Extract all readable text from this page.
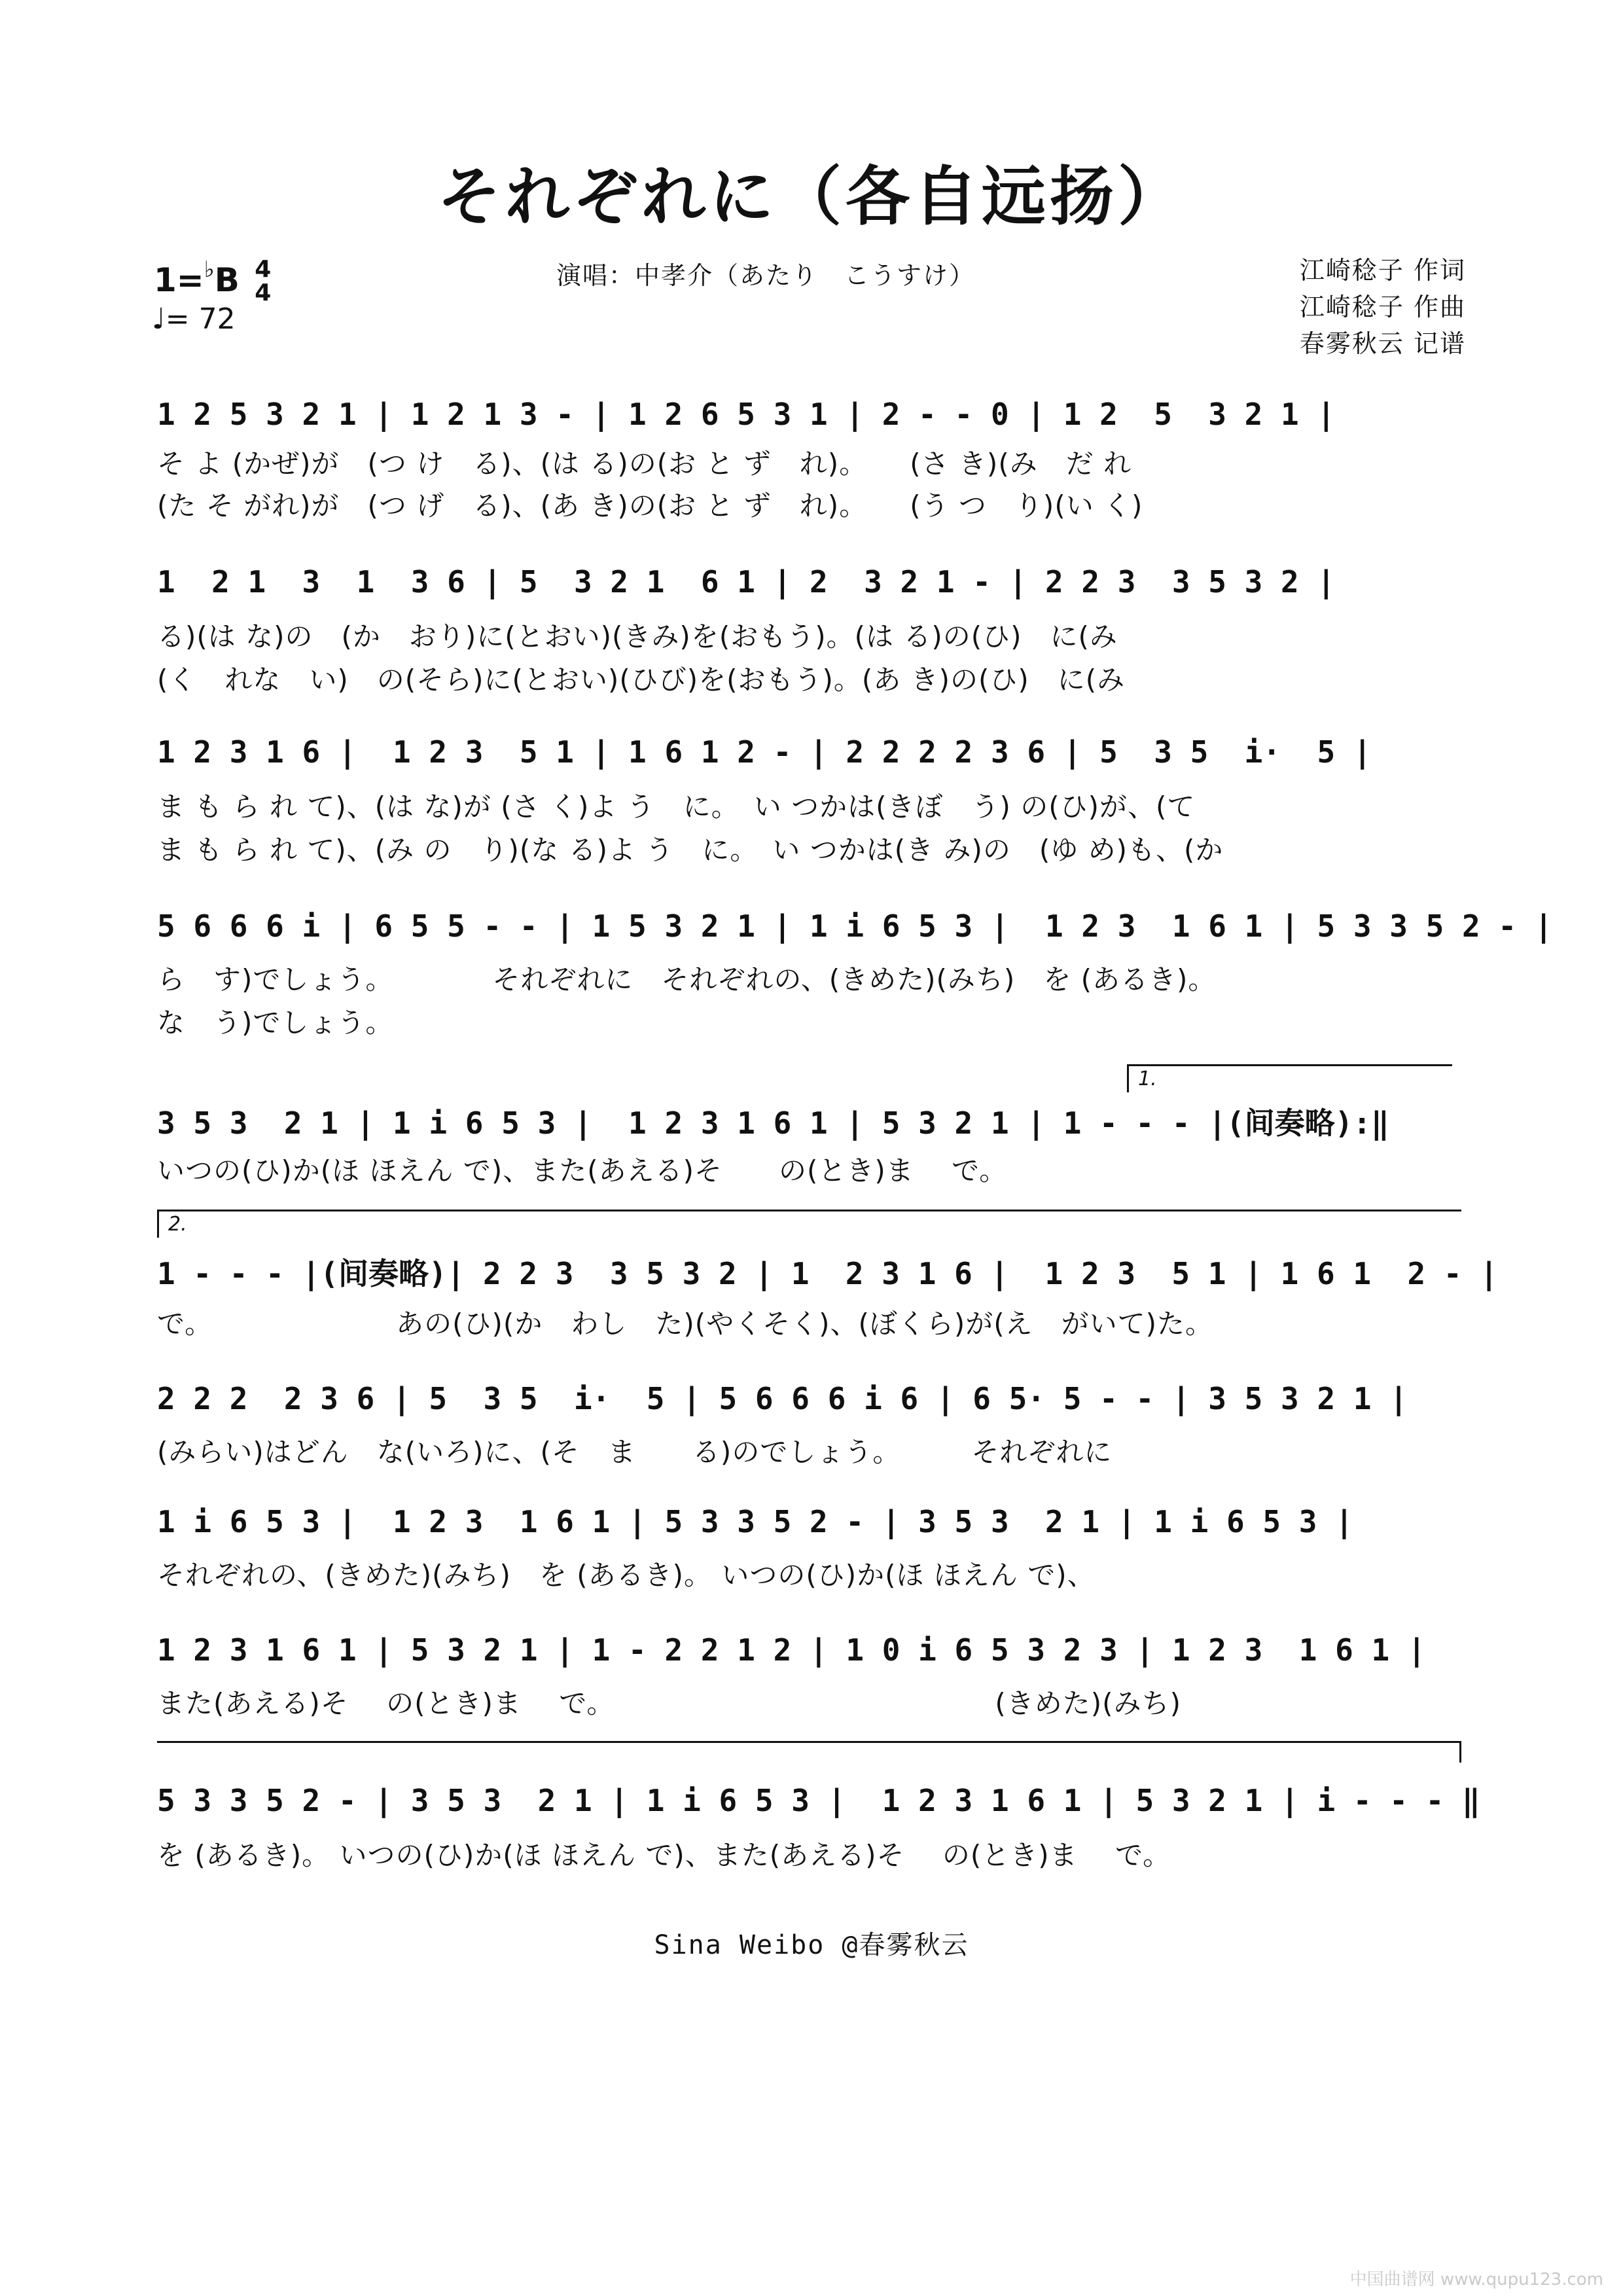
それぞれに（各自远扬）
1=♭B 4
4
♩= 72
演唱：中孝介（あたり　こうすけ）	江崎稔子 作词
江崎稔子 作曲
春雾秋云 记谱
1 2 5 3 2 1 | 1 2 1 3 - | 1 2 6 5 3 1 | 2 - - 0 | 1 2  5  3 2 1 |
そ よ (かぜ)が　(つ け　る)、(は る)の(お と ず　れ)。　　(さ き)(み　だ れ
(た そ がれ)が　(つ げ　る)、(あ き)の(お と ず　れ)。　　(う つ　り)(い く)
1  2 1  3  1  3 6 | 5  3 2 1  6 1 | 2  3 2 1 - | 2 2 3  3 5 3 2 |
る)(は な)の　(か　おり)に(とおい)(きみ)を(おもう)。(は る)の(ひ)　に(み
(く　れな　い)　の(そら)に(とおい)(ひび)を(おもう)。(あ き)の(ひ)　に(み
1 2 3 1 6 |  1 2 3  5 1 | 1 6 1 2 - | 2 2 2 2 3 6 | 5  3 5  i·  5 |
ま も ら れ て)、(は な)が (さ く)よ う　に。　い つかは(きぼ　う) の(ひ)が、(て
ま も ら れ て)、(み の　り)(な る)よ う　に。　い つかは(き み)の　(ゆ め)も、(か
5 6 6 6 i | 6 5 5 - - | 1 5 3 2 1 | 1 i 6 5 3 |  1 2 3  1 6 1 | 5 3 3 5 2 - |
ら　す)でしょう。　　　　それぞれに　それぞれの、(きめた)(みち)　を (あるき)。
な　う)でしょう。
1.
3 5 3  2 1 | 1 i 6 5 3 |  1 2 3 1 6 1 | 5 3 2 1 | 1 - - - |(间奏略):‖
いつの(ひ)か(ほ ほえん で)、また(あえる)そ　　の(とき)ま　 で。
2.
1 - - - |(间奏略)| 2 2 3  3 5 3 2 | 1  2 3 1 6 |  1 2 3  5 1 | 1 6 1  2 - |
で。　　　　　　　あの(ひ)(か　わし　た)(やくそく)、(ぼくら)が(え　がいて)た。
2 2 2  2 3 6 | 5  3 5  i·  5 | 5 6 6 6 i 6 | 6 5· 5 - - | 3 5 3 2 1 |
(みらい)はどん　な(いろ)に、(そ　ま　　る)のでしょう。　　　それぞれに
1 i 6 5 3 |  1 2 3  1 6 1 | 5 3 3 5 2 - | 3 5 3  2 1 | 1 i 6 5 3 |
それぞれの、(きめた)(みち)　を (あるき)。 いつの(ひ)か(ほ ほえん で)、
1 2 3 1 6 1 | 5 3 2 1 | 1 - 2 2 1 2 | 1 0 i 6 5 3 2 3 | 1 2 3  1 6 1 |
また(あえる)そ　 の(とき)ま　 で。　　　　　　　　　　　　　　(きめた)(みち)
5 3 3 5 2 - | 3 5 3  2 1 | 1 i 6 5 3 |  1 2 3 1 6 1 | 5 3 2 1 | i - - - ‖
を (あるき)。 いつの(ひ)か(ほ ほえん で)、また(あえる)そ　 の(とき)ま　 で。
Sina Weibo @春雾秋云
中国曲谱网 www.qupu123.com
